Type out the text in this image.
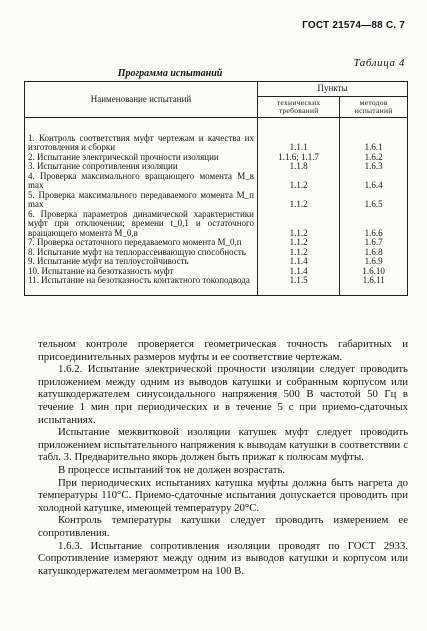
ГОСТ 21574—88 С. 7
Таблица 4
Программа испытаний
Наименование испытаний	Пункты	
	технических требований	методов испытаний
1. Контроль соответствия муфт чертежам и качества их изготовления и сборки	1.1.1	1.6.1
2. Испытание электрической прочности изоляции	1.1.6; 1.1.7	1.6.2
3. Испытание сопротивления изоляции	1.1.8	1.6.3
4. Проверка максимального вращающего момента M_в max	1.1.2	1.6.4
5. Проверка максимального передаваемого момента M_п max	1.1.2	1.6.5
6. Проверка параметров динамической характеристики муфт при отключении; времени t_0,1 и остаточного вращающего момента M_0,в	1.1.2	1.6.6
7. Проверка остаточного передаваемого момента M_0,п	1.1.2	1.6.7
8. Испытание муфт на теплорассеивающую способность	1.1.2	1.6.8
9. Испытание муфт на теплоустойчивость	1.1.4	1.6.9
10. Испытание на безотказность муфт	1.1.4	1.6.10
11. Испытание на безотказность контактного токоподвода	1.1.5	1.6.11

тельном контроле проверяется геометрическая точность габаритных и присоединительных размеров муфты и ее соответствие чертежам.

1.6.2. Испытание электрической прочности изоляции следует проводить приложением между одним из выводов катушки и собранным корпусом или катушкодержателем синусоидального напряжения 500 В частотой 50 Гц в течение 1 мин при периодических и в течение 5 с при приемо-сдаточных испытаниях.

Испытание межвитковой изоляции катушек муфт следует проводить приложением испытательного напряжения к выводам катушки в соответствии с табл. 3. Предварительно якорь должен быть прижат к полюсам муфты.

В процессе испытаний ток не должен возрастать.

При периодических испытаниях катушка муфты должна быть нагрета до температуры 110°С. Приемо-сдаточные испытания допускается проводить при холодной катушке, имеющей температуру 20°С.

Контроль температуры катушки следует проводить измерением ее сопротивления.

1.6.3. Испытание сопротивления изоляции проводят по ГОСТ 2933. Сопротивление измеряют между одним из выводов катушки и корпусом или катушкодержателем мегаомметром на 100 В.
